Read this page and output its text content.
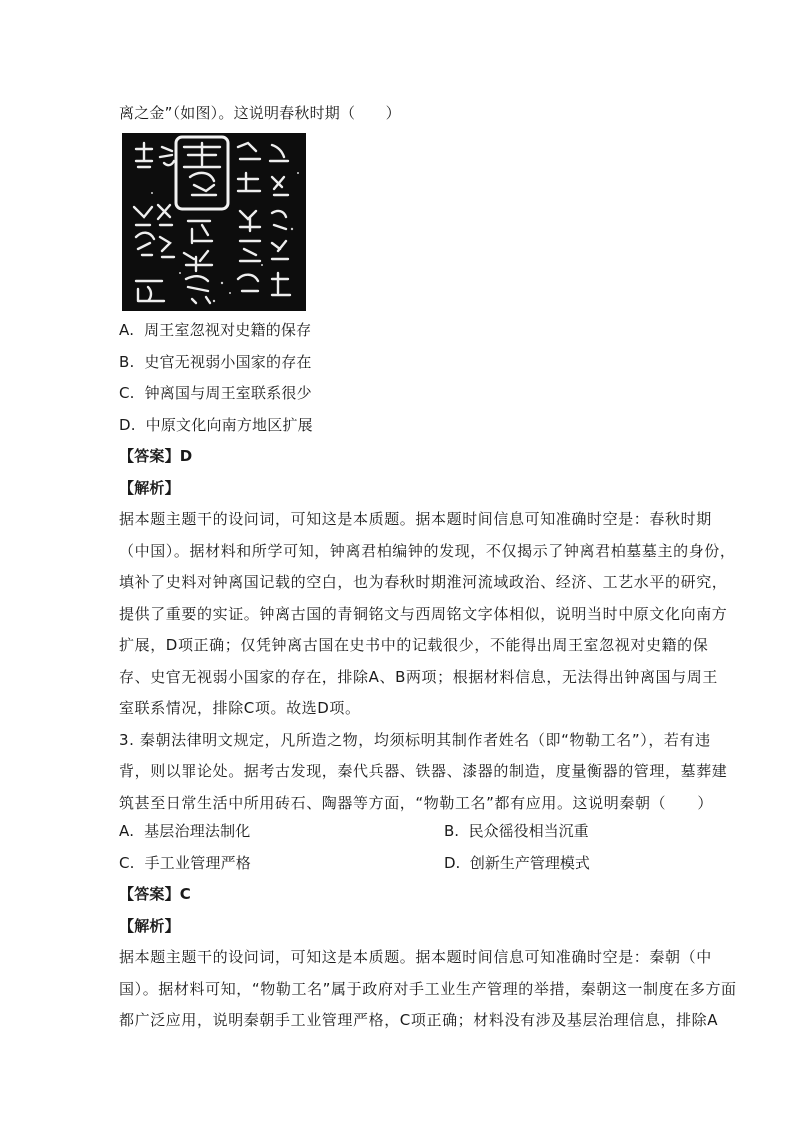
离之金”（如图）。这说明春秋时期（　　）
A. 周王室忽视对史籍的保存
B. 史官无视弱小国家的存在
C. 钟离国与周王室联系很少
D. 中原文化向南方地区扩展
【答案】D
【解析】
据本题主题干的设问词，可知这是本质题。据本题时间信息可知准确时空是：春秋时期
（中国）。据材料和所学可知，钟离君柏编钟的发现，不仅揭示了钟离君柏墓墓主的身份，
填补了史料对钟离国记载的空白，也为春秋时期淮河流域政治、经济、工艺水平的研究，
提供了重要的实证。钟离古国的青铜铭文与西周铭文字体相似，说明当时中原文化向南方
扩展，D项正确；仅凭钟离古国在史书中的记载很少，不能得出周王室忽视对史籍的保
存、史官无视弱小国家的存在，排除A、B两项；根据材料信息，无法得出钟离国与周王
室联系情况，排除C项。故选D项。
3. 秦朝法律明文规定，凡所造之物，均须标明其制作者姓名（即“物勒工名”），若有违
背，则以罪论处。据考古发现，秦代兵器、铁器、漆器的制造，度量衡器的管理，墓葬建
筑甚至日常生活中所用砖石、陶器等方面，“物勒工名”都有应用。这说明秦朝（　　）
A. 基层治理法制化	B. 民众徭役相当沉重
C. 手工业管理严格	D. 创新生产管理模式
【答案】C
【解析】
据本题主题干的设问词，可知这是本质题。据本题时间信息可知准确时空是：秦朝（中
国）。据材料可知，“物勒工名”属于政府对手工业生产管理的举措，秦朝这一制度在多方面
都广泛应用，说明秦朝手工业管理严格，C项正确；材料没有涉及基层治理信息，排除A
